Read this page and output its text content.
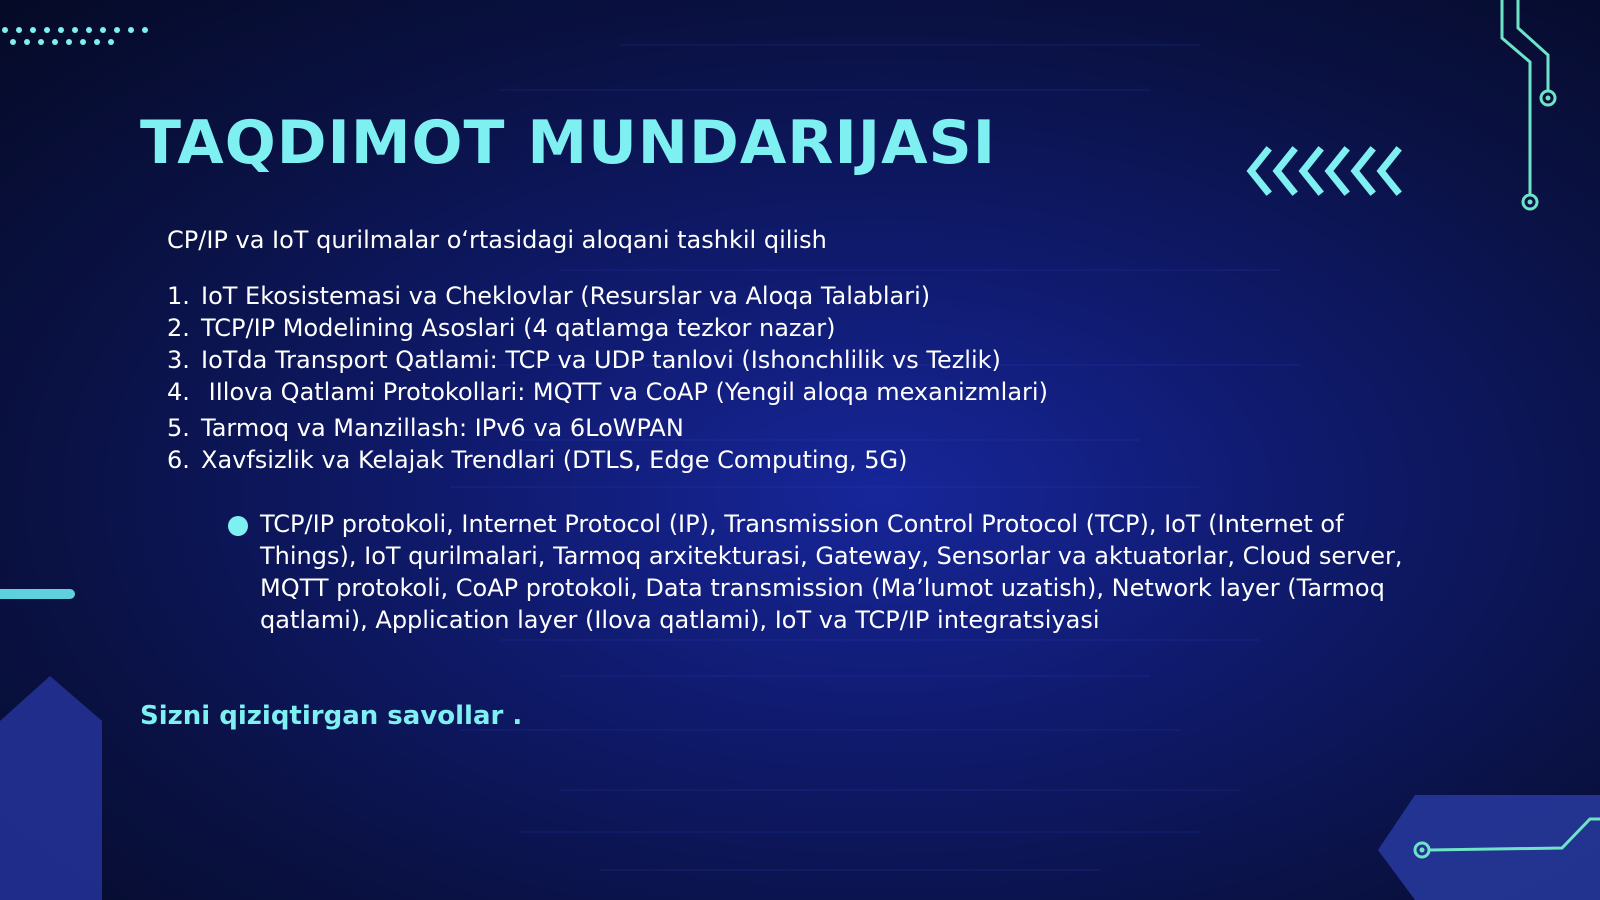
TAQDIMOT MUNDARIJASI

CP/IP va IoT qurilmalar oʻrtasidagi aloqani tashkil qilish

1. IoT Ekosistemasi va Cheklovlar (Resurslar va Aloqa Talablari)
2. TCP/IP Modelining Asoslari (4 qatlamga tezkor nazar)
3. IoTda Transport Qatlami: TCP va UDP tanlovi (Ishonchlilik vs Tezlik)
4. IIlova Qatlami Protokollari: MQTT va CoAP (Yengil aloqa mexanizmlari)
5. Tarmoq va Manzillash: IPv6 va 6LoWPAN
6. Xavfsizlik va Kelajak Trendlari (DTLS, Edge Computing, 5G)
TCP/IP protokoli, Internet Protocol (IP), Transmission Control Protocol (TCP), IoT (Internet of Things), IoT qurilmalari, Tarmoq arxitekturasi, Gateway, Sensorlar va aktuatorlar, Cloud server, MQTT protokoli, CoAP protokoli, Data transmission (Maʼlumot uzatish), Network layer (Tarmoq qatlami), Application layer (Ilova qatlami), IoT va TCP/IP integratsiyasi

Sizni qiziqtirgan savollar .
